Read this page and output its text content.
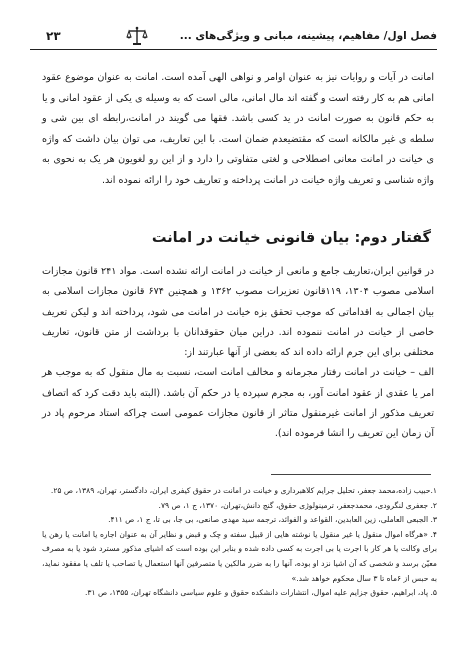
فصل اول/ مفاهیم، پیشینه، مبانی و ویژگی‌های ...
۲۳

امانت در آیات و روایات نیز به عنوان اوامر و نواهی الهی آمده است. امانت به عنوان موضوع عقود امانی هم به کار رفته است و گفته اند مال امانی، مالی است که به وسیله ی یکی از عقود امانی و یا به حکم قانون به صورت امانت در ید کسی باشد. فقها می گویند در امانت،رابطه ای بین شی و سلطه ی غیر مالکانه است که مقتضیعدم ضمان است. با این تعاریف، می توان بیان داشت که واژه ی خیانت در امانت معانی اصطلاحی و لغتی متفاوتی را دارد و از این رو لغویون هر یک به نحوی به واژه شناسی و تعریف واژه خیانت در امانت پرداخته و تعاریف خود را ارائه نموده اند.

گفتار دوم: بیان قانونی خیانت در امانت

در قوانین ایران،تعاریف جامع و مانعی از خیانت در امانت ارائه نشده است. مواد ۲۴۱ قانون مجازات اسلامی مصوب ۱۳۰۴، ۱۱۹قانون تعزیرات مصوب ۱۳۶۲ و همچنین ۶۷۴ قانون مجازات اسلامی به بیان اجمالی به اقداماتی که موجب تحقق بزه خیانت در امانت می شود، پرداخته اند و لیکن تعریف خاصی از خیانت در امانت ننموده اند. دراین میان حقوقدانان با برداشت از متن قانون، تعاریف مختلفی برای این جرم ارائه داده اند که بعضی از آنها عبارتند از:

الف – خیانت در امانت رفتار مجرمانه و مخالف امانت است، نسبت به مال منقول که به موجب هر امر یا عقدی از عقود امانت آور، به مجرم سپرده یا در حکم آن باشد. (البته باید دقت کرد که اتصاف تعریف مذکور از امانت غیرمنقول متاثر از قانون مجازات عمومی است چراکه استاد مرحوم پاد در آن زمان این تعریف را انشا فرموده اند).

۱.حبیب زاده،محمد جعفر، تحلیل جرایم کلاهبرداری و خیانت در امانت در حقوق کیفری ایران، دادگستر، تهران، ۱۳۸۹، ص ۲۵.

۲. جعفری لنگرودی، محمدجعفر، ترمینولوژی حقوق، گنج دانش،تهران، ۱۳۷۰، ج ۱، ص ۷۹.

۳. الجبعی العاملی، زین العابدین، القواعد و الفوائد، ترجمه سید مهدی صانعی، بی جا، بی تا، ج ۱، ص ۴۱۱.

۴. «هرگاه اموال منقول یا غیر منقول یا نوشته هایی از قبیل سفته و چک و قبض و نظایر آن به عنوان اجاره یا امانت یا رهن یا برای وکالت یا هر کار با اجرت یا بی اجرت به کسی داده شده و بنابر این بوده است که اشیای مذکور مسترد شود یا به مصرف معیّن برسد و شخصی که آن اشیا نزد او بوده، آنها را به ضرر مالکین یا متصرفین آنها استعمال یا تصاحب یا تلف یا مفقود نماید، به حبس از ۶ماه تا ۳ سال محکوم خواهد شد.»

۵. پاد، ابراهیم، حقوق جزایم علیه اموال، انتشارات دانشکده حقوق و علوم سیاسی دانشگاه تهران، ۱۳۵۵، ص ۳۱.
